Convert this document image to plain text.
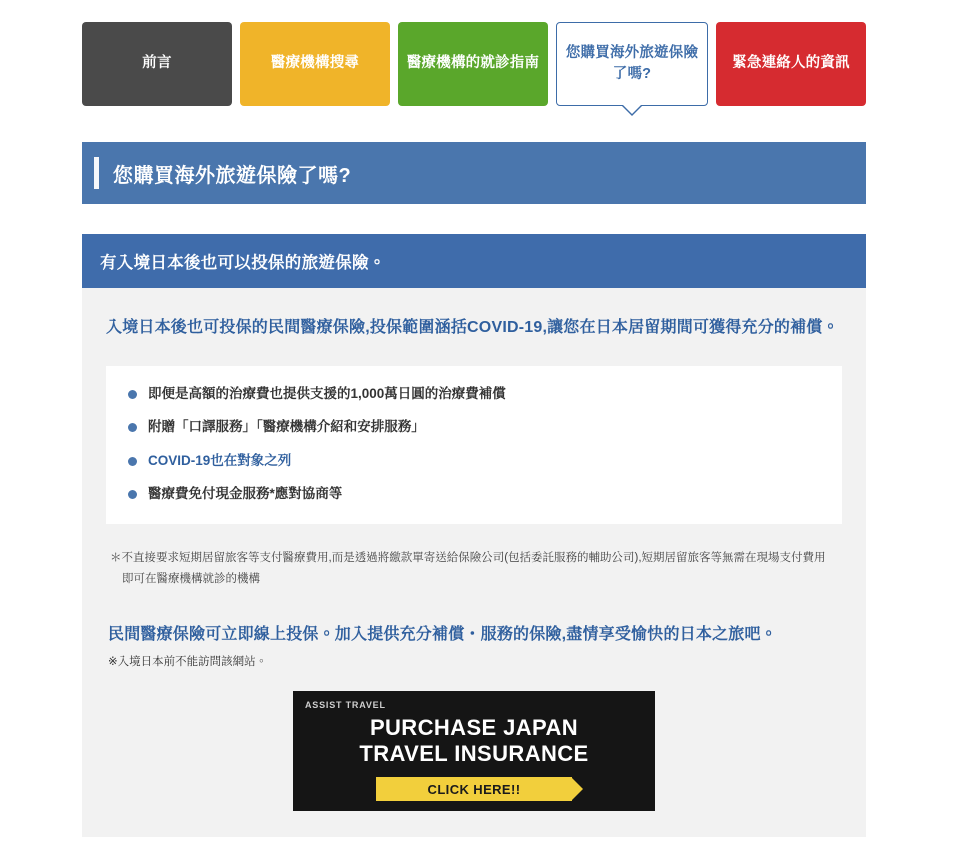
前言	醫療機構搜尋	醫療機構的就診指南
您購買海外旅遊保險了嗎?
緊急連絡人的資訊
您購買海外旅遊保險了嗎?
有入境日本後也可以投保的旅遊保險。

入境日本後也可投保的民間醫療保險,投保範圍涵括COVID-19,讓您在日本居留期間可獲得充分的補償。

即便是高額的治療費也提供支援的1,000萬日圓的治療費補償
附贈「口譯服務」「醫療機構介紹和安排服務」
COVID-19也在對象之列
醫療費免付現金服務*應對協商等

＊不直接要求短期居留旅客等支付醫療費用,而是透過將繳款單寄送給保險公司(包括委託服務的輔助公司),短期居留旅客等無需在現場支付費用
即可在醫療機構就診的機構

民間醫療保險可立即線上投保。加入提供充分補償・服務的保險,盡情享受愉快的日本之旅吧。

※入境日本前不能訪問該網站。

ASSIST TRAVEL
PURCHASE JAPAN
TRAVEL INSURANCE
CLICK HERE!!
